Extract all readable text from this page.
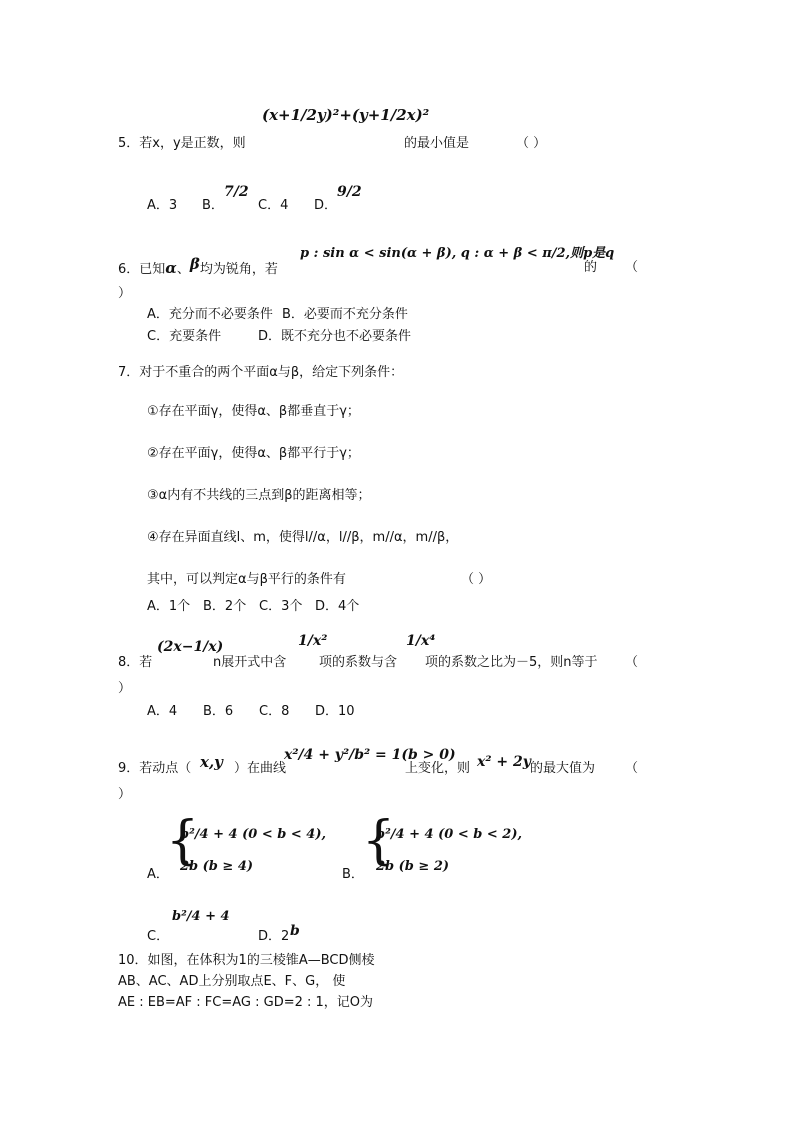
(x+1/2y)²+(y+1/2x)²
5．若x，y是正数，则	的最小值是	（ ）
A．3 B．
7/2
C．4 D．
9/2
p : sin α < sin(α + β), q : α + β < π/2,则p是q
6．已知α、β均为锐角，若	的 （
）
A．充分而不必要条件 B．必要而不充分条件
C．充要条件	D．既不充分也不必要条件
7．对于不重合的两个平面α与β，给定下列条件：
①存在平面γ，使得α、β都垂直于γ；
②存在平面γ，使得α、β都平行于γ；
③α内有不共线的三点到β的距离相等；
④存在异面直线l、m，使得l//α，l//β，m//α，m//β，
其中，可以判定α与β平行的条件有	（ ）
A．1个 B．2个 C．3个 D．4个
(2x−1/x)	1/x²	1/x⁴
8．若	n展开式中含	项的系数与含 项的系数之比为－5，则n等于 （
）
A．4 B．6 C．8 D．10
x²/4 + y²/b² = 1(b > 0)
9．若动点（ x,y ）在曲线	上变化，则 x² + 2y 的最大值为 （
）
{
b²/4 + 4 (0 < b < 4),
2b (b ≥ 4)
A．
{
b²/4 + 4 (0 < b < 2),
2b (b ≥ 2)
B．
b²/4 + 4
C．	D．2 b
10．如图，在体积为1的三棱锥A—BCD侧棱
AB、AC、AD上分别取点E、F、G， 使
AE : EB=AF : FC=AG : GD=2 : 1，记O为
